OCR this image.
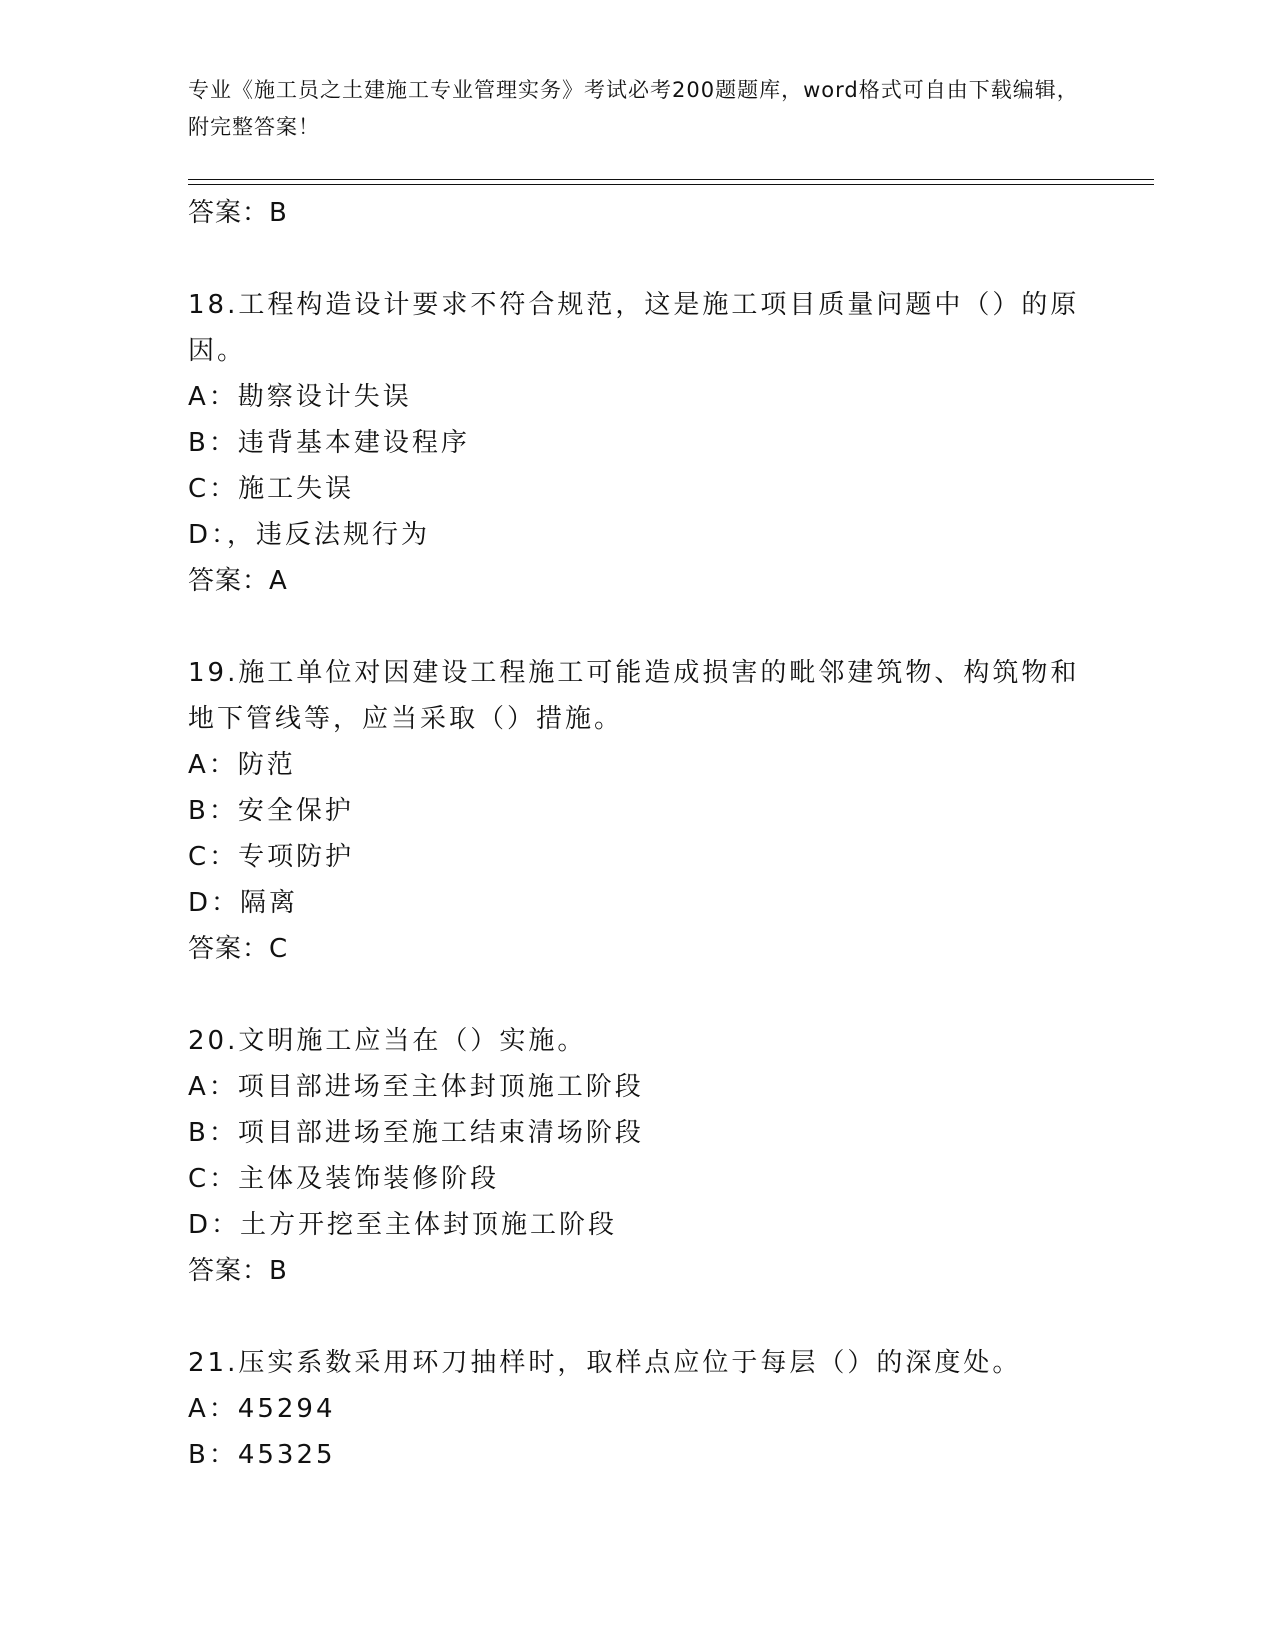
专业《施工员之土建施工专业管理实务》考试必考200题题库，word格式可自由下载编辑，附完整答案！
答案：B
18.工程构造设计要求不符合规范，这是施工项目质量问题中（）的原因。
A：勘察设计失误
B：违背基本建设程序
C：施工失误
D：，违反法规行为
答案：A
19.施工单位对因建设工程施工可能造成损害的毗邻建筑物、构筑物和地下管线等，应当采取（）措施。
A：防范
B：安全保护
C：专项防护
D：隔离
答案：C
20.文明施工应当在（）实施。
A：项目部进场至主体封顶施工阶段
B：项目部进场至施工结束清场阶段
C：主体及装饰装修阶段
D：土方开挖至主体封顶施工阶段
答案：B
21.压实系数采用环刀抽样时，取样点应位于每层（）的深度处。
A：45294
B：45325
